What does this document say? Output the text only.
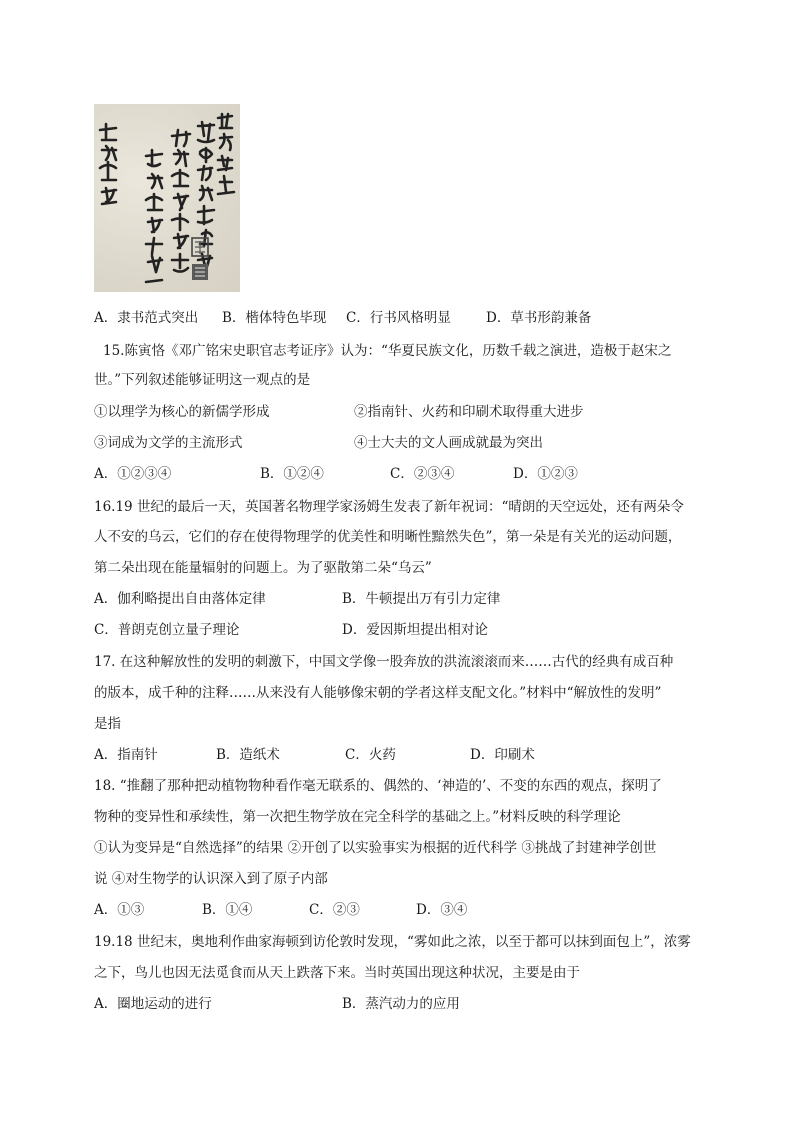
A．隶书范式突出 B．楷体特色毕现 C．行书风格明显	D．草书形韵兼备
15.陈寅恪《邓广铭宋史职官志考证序》认为：“华夏民族文化，历数千载之演进，造极于赵宋之
世。”下列叙述能够证明这一观点的是
①以理学为核心的新儒学形成	②指南针、火药和印刷术取得重大进步
③词成为文学的主流形式	④士大夫的文人画成就最为突出
A．①②③④	B．①②④	C．②③④	D．①②③
16.19 世纪的最后一天，英国著名物理学家汤姆生发表了新年祝词：“晴朗的天空远处，还有两朵令
人不安的乌云，它们的存在使得物理学的优美性和明晰性黯然失色”，第一朵是有关光的运动问题，
第二朵出现在能量辐射的问题上。为了驱散第二朵“乌云”
A．伽利略提出自由落体定律	B．牛顿提出万有引力定律
C．普朗克创立量子理论	D．爱因斯坦提出相对论
17. 在这种解放性的发明的刺激下，中国文学像一股奔放的洪流滚滚而来……古代的经典有成百种
的版本，成千种的注释……从来没有人能够像宋朝的学者这样支配文化。”材料中“解放性的发明”
是指
A．指南针	B．造纸术	C．火药	D．印刷术
18. “推翻了那种把动植物物种看作毫无联系的、偶然的、‘神造的’、不变的东西的观点，探明了
物种的变异性和承续性，第一次把生物学放在完全科学的基础之上。”材料反映的科学理论
①认为变异是“自然选择”的结果 ②开创了以实验事实为根据的近代科学 ③挑战了封建神学创世
说 ④对生物学的认识深入到了原子内部
A．①③	B．①④	C．②③	D．③④
19.18 世纪末，奥地利作曲家海顿到访伦敦时发现，“雾如此之浓，以至于都可以抹到面包上”，浓雾
之下，鸟儿也因无法觅食而从天上跌落下来。当时英国出现这种状况，主要是由于
A．圈地运动的进行	B．蒸汽动力的应用
